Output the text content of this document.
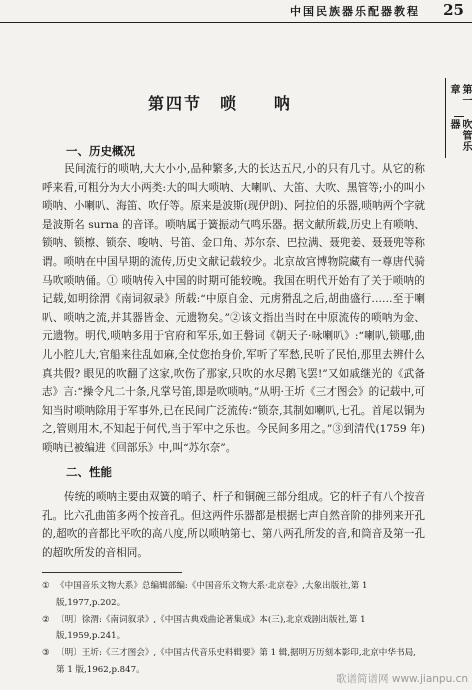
中国民族器乐配器教程 25
第一章
吹管乐器
第四节　唢　　呐
一、历史概况

民间流行的唢呐,大大小小,品种繁多,大的长达五尺,小的只有几寸。从它的称呼来看,可粗分为大小两类:大的叫大唢呐、大喇叭、大笛、大吹、黑管等;小的叫小唢呐、小喇叭、海笛、吹仔等。原来是波斯(现伊朗)、阿拉伯的乐器,唢呐两个字就是波斯名 surna 的音译。唢呐属于簧振动气鸣乐器。据文献所载,历史上有唢呐、锁呐、锁檫、锁奈、唆呐、号笛、金口角、苏尔奈、巴拉满、聂兜姜、聂聂兜等称谓。唢呐在中国早期的流传,历史文献记载较少。北京故宫博物院藏有一尊唐代骑马吹唢呐俑。① 唢呐传入中国的时期可能较晚。我国在明代开始有了关于唢呐的记载,如明徐渭《南词叙录》所载:“中原自金、元虏猾乱之后,胡曲盛行……至于喇叭、唢呐之流,并其器皆金、元遗物矣。”②该文指出当时在中原流传的唢呐为金、元遗物。明代,唢呐多用于官府和军乐,如王磐词《朝天子·咏喇叭》:“喇叭,锁哪,曲儿小腔儿大,官船来往乱如麻,全仗您抬身价,军听了军愁,民听了民怕,那里去辨什么真共假? 眼见的吹翻了这家,吹伤了那家,只吹的水尽鹅飞罢!”又如戚继光的《武备志》言:“操令凡二十条,凡掌号笛,即是吹唢呐。”从明·王圻《三才图会》的记载中,可知当时唢呐除用于军事外,已在民间广泛流传:“锁奈,其制如喇叭,七孔。首尾以铜为之,管则用木,不知起于何代,当于军中之乐也。今民间多用之。”③到清代(1759 年)唢呐已被编进《回部乐》中,叫“苏尔奈”。

二、性能

传统的唢呐主要由双簧的哨子、杆子和铜碗三部分组成。它的杆子有八个按音孔。比六孔曲笛多两个按音孔。但这两件乐器都是根据七声自然音阶的排列来开孔的,超吹的音都比平吹的高八度,所以唢呐第七、第八两孔所发的音,和筒音及第一孔的超吹所发的音相同。

① 《中国音乐文物大系》总编辑部编:《中国音乐文物大系·北京卷》,大象出版社,第 1 版,1977,p.202。

② 〔明〕徐渭:《南词叙录》,《中国古典戏曲论著集成》本(三),北京戏剧出版社,第 1 版,1959,p.241。

③ 〔明〕王圻:《三才图会》,《中国古代音乐史料辑要》第 1 辑,据明万历刻本影印,北京中华书局,第 1 版,1962,p.847。

歌谱简谱网 www.jianpu.cn
